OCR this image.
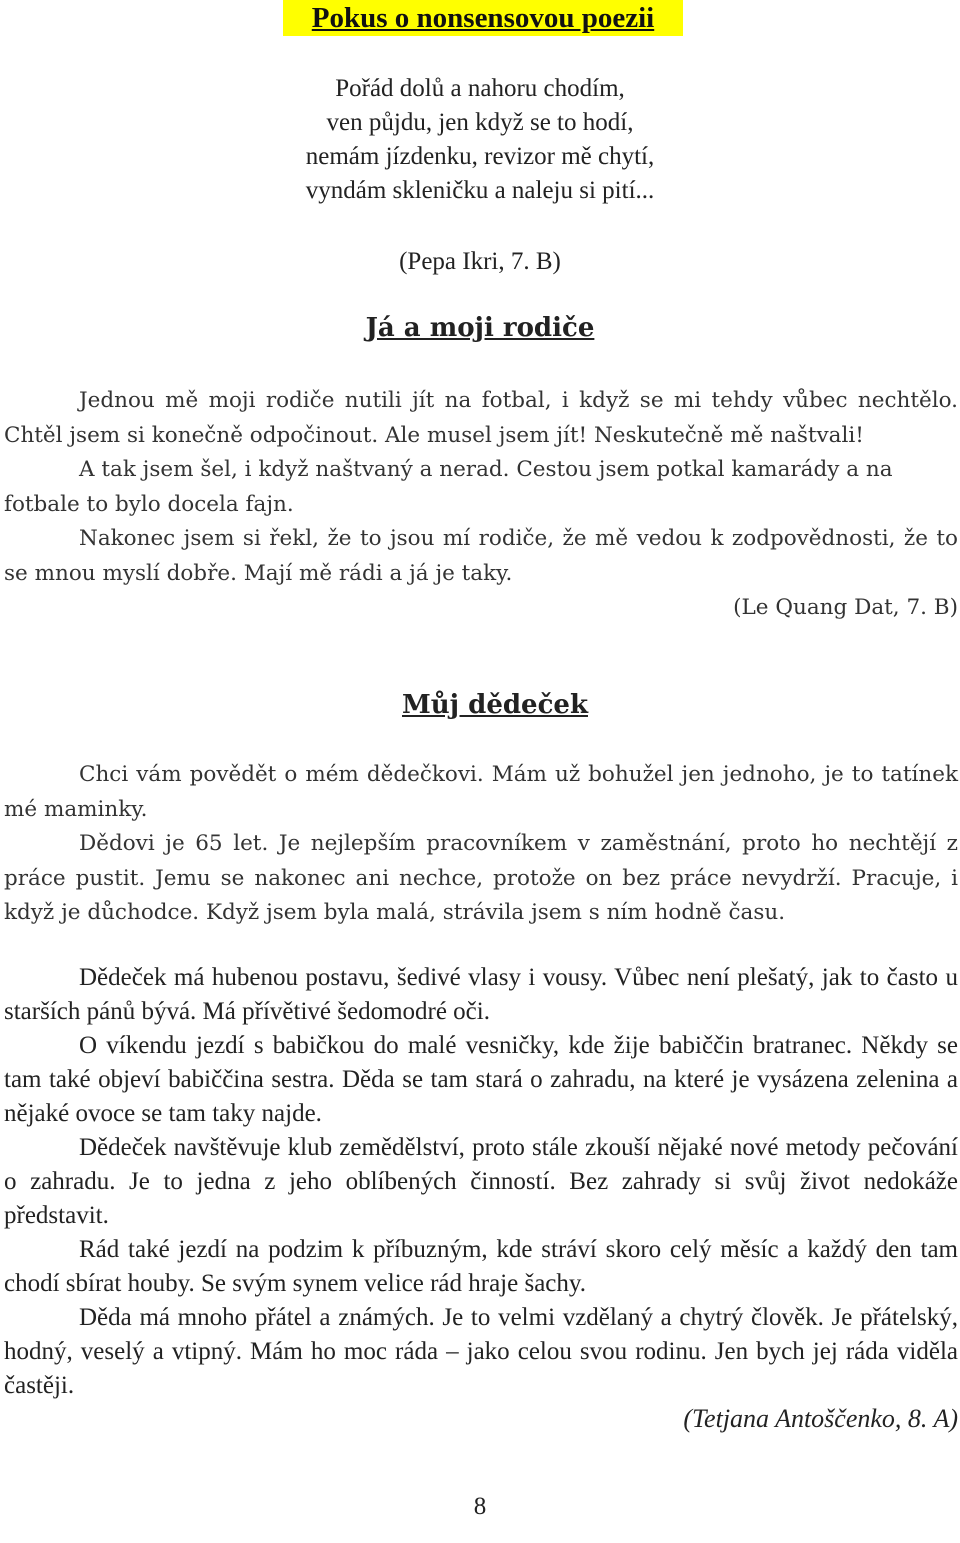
Pokus o nonsensovou poezii
Pořád dolů a nahoru chodím,
ven půjdu, jen když se to hodí,
nemám jízdenku, revizor mě chytí,
vyndám skleničku a naleju si pití...
(Pepa Ikri, 7. B)
Já a moji rodiče

Jednou mě moji rodiče nutili jít na fotbal, i když se mi tehdy vůbec nechtělo. Chtěl jsem si konečně odpočinout. Ale musel jsem jít! Neskutečně mě naštvali!

A tak jsem šel, i když naštvaný a nerad. Cestou jsem potkal kamarády a na fotbale to bylo docela fajn.

Nakonec jsem si řekl, že to jsou mí rodiče, že mě vedou k zodpovědnosti, že to se mnou myslí dobře. Mají mě rádi a já je taky.

(Le Quang Dat, 7. B)

Můj dědeček

Chci vám povědět o mém dědečkovi. Mám už bohužel jen jednoho, je to tatínek mé maminky.

Dědovi je 65 let. Je nejlepším pracovníkem v zaměstnání, proto ho nechtějí z práce pustit. Jemu se nakonec ani nechce, protože on bez práce nevydrží. Pracuje, i když je důchodce. Když jsem byla malá, strávila jsem s ním hodně času.

Dědeček má hubenou postavu, šedivé vlasy i vousy. Vůbec není plešatý, jak to často u starších pánů bývá. Má přívětivé šedomodré oči.

O víkendu jezdí s babičkou do malé vesničky, kde žije babiččin bratranec. Někdy se tam také objeví babiččina sestra. Děda se tam stará o zahradu, na které je vysázena zelenina a nějaké ovoce se tam taky najde.

Dědeček navštěvuje klub zemědělství, proto stále zkouší nějaké nové metody pečování o zahradu. Je to jedna z jeho oblíbených činností. Bez zahrady si svůj život nedokáže představit.

Rád také jezdí na podzim k příbuzným, kde stráví skoro celý měsíc a každý den tam chodí sbírat houby. Se svým synem velice rád hraje šachy.

Děda má mnoho přátel a známých. Je to velmi vzdělaný a chytrý člověk. Je přátelský, hodný, veselý a vtipný. Mám ho moc ráda – jako celou svou rodinu. Jen bych jej ráda viděla častěji.

(Tetjana Antoščenko, 8. A)
8
